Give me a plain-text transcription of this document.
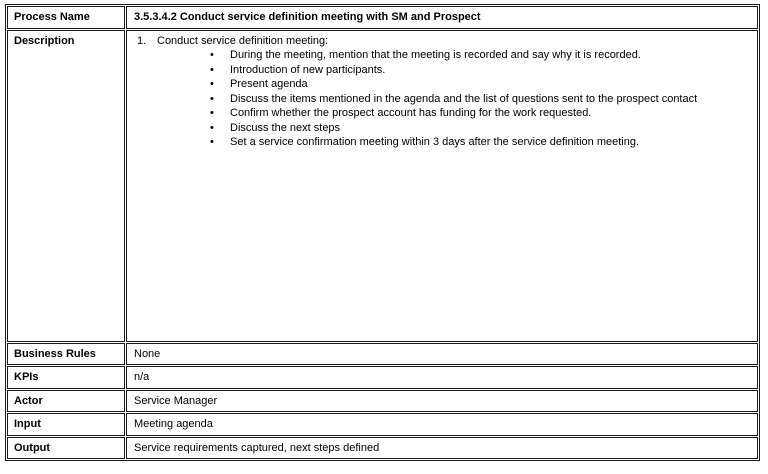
Process Name	3.5.3.4.2 Conduct service definition meeting with SM and Prospect
Description	1. Conduct service definition meeting:
•	During the meeting, mention that the meeting is recorded and say why it is recorded.
•	Introduction of new participants.
•	Present agenda
•	Discuss the items mentioned in the agenda and the list of questions sent to the prospect contact
•	Confirm whether the prospect account has funding for the work requested.
•	Discuss the next steps
•	Set a service confirmation meeting within 3 days after the service definition meeting.

Business Rules	None
KPIs	n/a
Actor	Service Manager
Input	Meeting agenda
Output	Service requirements captured, next steps defined
